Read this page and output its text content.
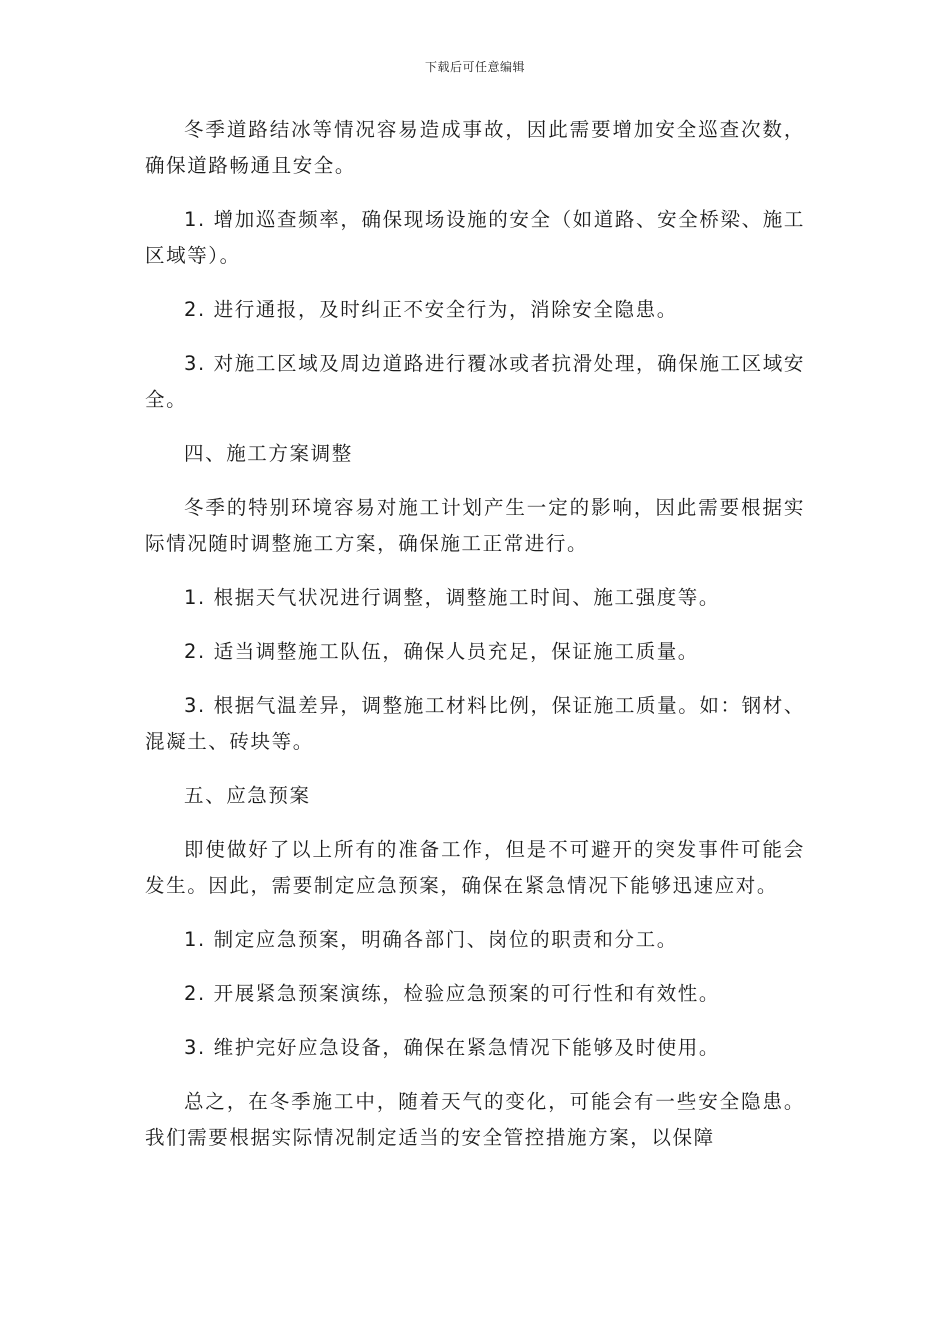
下载后可任意编辑

冬季道路结冰等情况容易造成事故，因此需要增加安全巡查次数，确保道路畅通且安全。

1. 增加巡查频率，确保现场设施的安全（如道路、安全桥梁、施工区域等）。

2. 进行通报，及时纠正不安全行为，消除安全隐患。

3. 对施工区域及周边道路进行覆冰或者抗滑处理，确保施工区域安全。

四、施工方案调整

冬季的特别环境容易对施工计划产生一定的影响，因此需要根据实际情况随时调整施工方案，确保施工正常进行。

1. 根据天气状况进行调整，调整施工时间、施工强度等。

2. 适当调整施工队伍，确保人员充足，保证施工质量。

3. 根据气温差异，调整施工材料比例，保证施工质量。如：钢材、混凝土、砖块等。

五、应急预案

即使做好了以上所有的准备工作，但是不可避开的突发事件可能会发生。因此，需要制定应急预案，确保在紧急情况下能够迅速应对。

1. 制定应急预案，明确各部门、岗位的职责和分工。

2. 开展紧急预案演练，检验应急预案的可行性和有效性。

3. 维护完好应急设备，确保在紧急情况下能够及时使用。

总之，在冬季施工中，随着天气的变化，可能会有一些安全隐患。我们需要根据实际情况制定适当的安全管控措施方案，以保障
